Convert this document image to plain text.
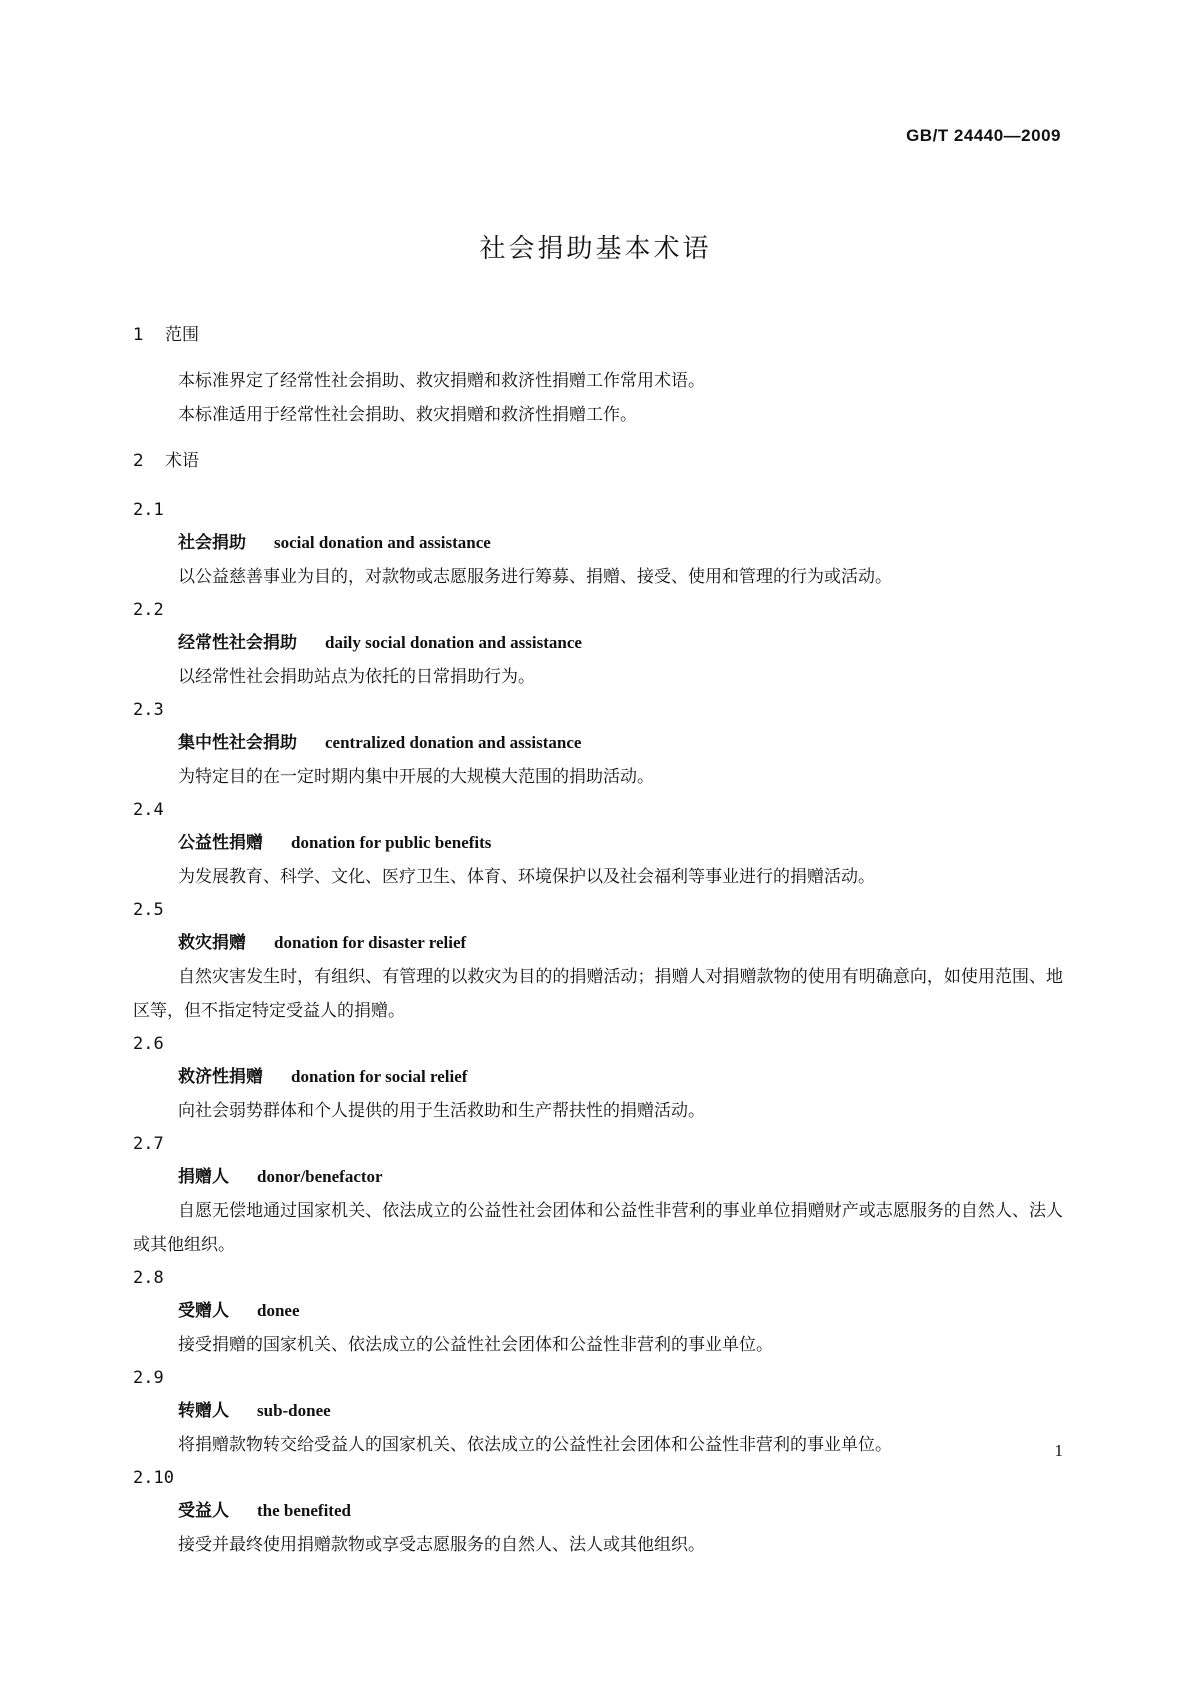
GB/T 24440—2009
社会捐助基本术语
1 范围
本标准界定了经常性社会捐助、救灾捐赠和救济性捐赠工作常用术语。
本标准适用于经常性社会捐助、救灾捐赠和救济性捐赠工作。
2 术语
2.1
社会捐助 social donation and assistance
以公益慈善事业为目的，对款物或志愿服务进行筹募、捐赠、接受、使用和管理的行为或活动。
2.2
经常性社会捐助 daily social donation and assistance
以经常性社会捐助站点为依托的日常捐助行为。
2.3
集中性社会捐助 centralized donation and assistance
为特定目的在一定时期内集中开展的大规模大范围的捐助活动。
2.4
公益性捐赠 donation for public benefits
为发展教育、科学、文化、医疗卫生、体育、环境保护以及社会福利等事业进行的捐赠活动。
2.5
救灾捐赠 donation for disaster relief
自然灾害发生时，有组织、有管理的以救灾为目的的捐赠活动；捐赠人对捐赠款物的使用有明确意向，如使用范围、地区等，但不指定特定受益人的捐赠。
2.6
救济性捐赠 donation for social relief
向社会弱势群体和个人提供的用于生活救助和生产帮扶性的捐赠活动。
2.7
捐赠人 donor/benefactor
自愿无偿地通过国家机关、依法成立的公益性社会团体和公益性非营利的事业单位捐赠财产或志愿服务的自然人、法人或其他组织。
2.8
受赠人 donee
接受捐赠的国家机关、依法成立的公益性社会团体和公益性非营利的事业单位。
2.9
转赠人 sub-donee
将捐赠款物转交给受益人的国家机关、依法成立的公益性社会团体和公益性非营利的事业单位。
2.10
受益人 the benefited
接受并最终使用捐赠款物或享受志愿服务的自然人、法人或其他组织。
1
